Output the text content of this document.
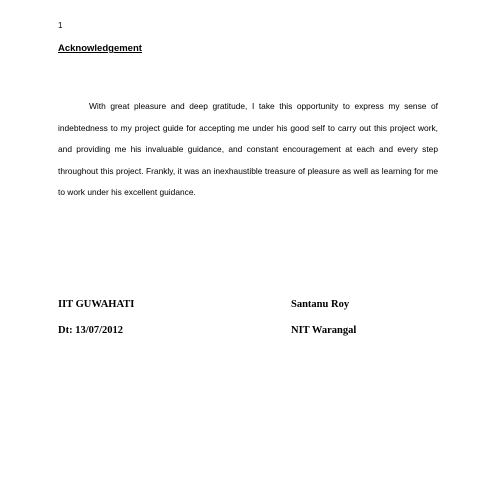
1
Acknowledgement

With great pleasure and deep gratitude, I take this opportunity to express my sense of indebtedness to my project guide for accepting me under his good self to carry out this project work, and providing me his invaluable guidance, and constant encouragement at each and every step throughout this project. Frankly, it was an inexhaustible treasure of pleasure as well as learning for me to work under his excellent guidance.

IIT GUWAHATI
Dt: 13/07/2012
Santanu Roy
NIT Warangal
